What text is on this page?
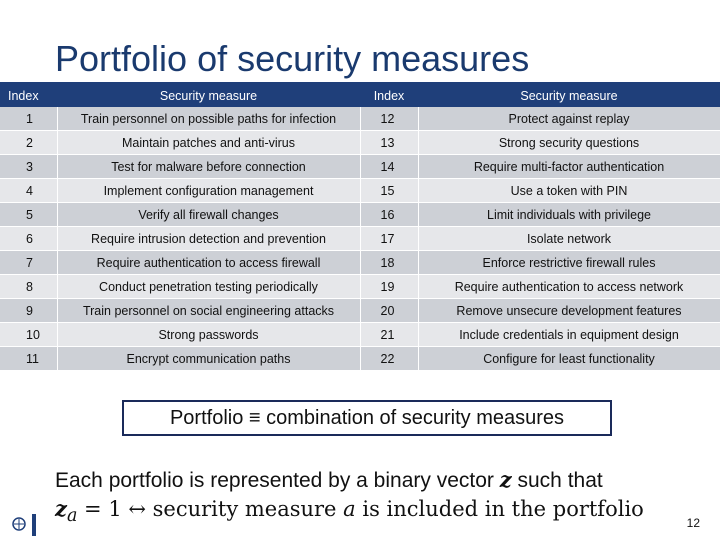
Portfolio of security measures
Index	Security measure	Index	Security measure
1	Train personnel on possible paths for infection	12	Protect against replay
2	Maintain patches and anti-virus	13	Strong security questions
3	Test for malware before connection	14	Require multi-factor authentication
4	Implement configuration management	15	Use a token with PIN
5	Verify all firewall changes	16	Limit individuals with privilege
6	Require intrusion detection and prevention	17	Isolate network
7	Require authentication to access firewall	18	Enforce restrictive firewall rules
8	Conduct penetration testing periodically	19	Require authentication to access network
9	Train personnel on social engineering attacks	20	Remove unsecure development features
10	Strong passwords	21	Include credentials in equipment design
11	Encrypt communication paths	22	Configure for least functionality
Portfolio ≡ combination of security measures
Each portfolio is represented by a binary vector z such that
$z_a = 1$ ↔ security measure a is included in the portfolio
12
